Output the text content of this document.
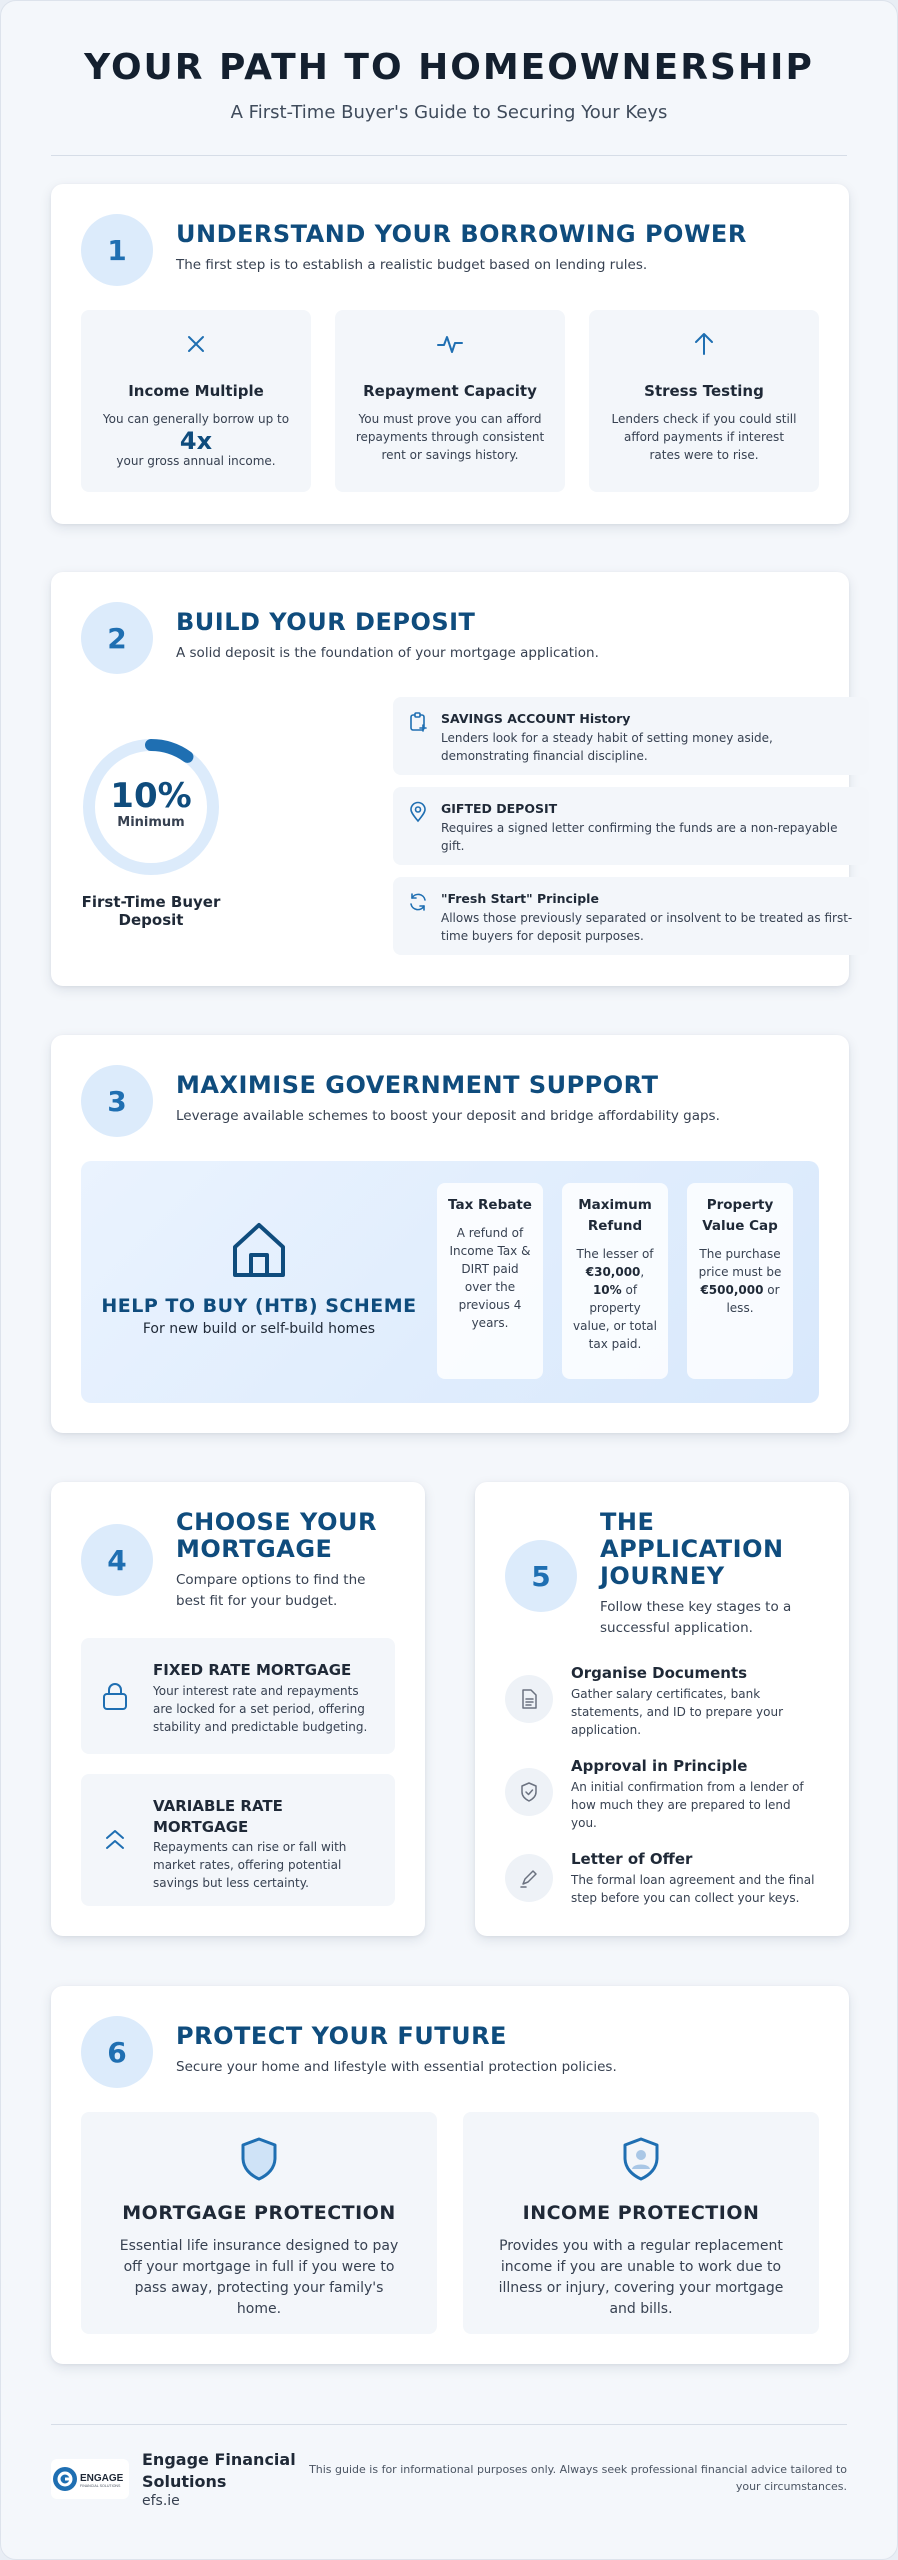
YOUR PATH TO HOMEOWNERSHIP
A First-Time Buyer's Guide to Securing Your Keys
1	UNDERSTAND YOUR BORROWING POWER
The first step is to establish a realistic budget based on lending rules.
Income Multiple
You can generally borrow up to
4x
your gross annual income.
Repayment Capacity
You must prove you can afford repayments through consistent rent or savings history.
Stress Testing
Lenders check if you could still afford payments if interest rates were to rise.
2	BUILD YOUR DEPOSIT
A solid deposit is the foundation of your mortgage application.
SAVINGS ACCOUNT History
Lenders look for a steady habit of setting money aside, demonstrating financial discipline.
GIFTED DEPOSIT
Requires a signed letter confirming the funds are a non-repayable gift.
"Fresh Start" Principle
Allows those previously separated or insolvent to be treated as first-time buyers for deposit purposes.
10%
Minimum
First-Time Buyer Deposit
3	MAXIMISE GOVERNMENT SUPPORT
Leverage available schemes to boost your deposit and bridge affordability gaps.
HELP TO BUY (HTB) SCHEME
For new build or self-build homes
Tax Rebate
A refund of Income Tax & DIRT paid over the previous 4 years.
Maximum Refund
The lesser of €30,000, 10% of property value, or total tax paid.
Property Value Cap
The purchase price must be €500,000 or less.
4
CHOOSE YOUR MORTGAGE
Compare options to find the best fit for your budget.
FIXED RATE MORTGAGE
Your interest rate and repayments are locked for a set period, offering stability and predictable budgeting.
VARIABLE RATE MORTGAGE
Repayments can rise or fall with market rates, offering potential savings but less certainty.
5
THE APPLICATION JOURNEY
Follow these key stages to a successful application.
Organise Documents
Gather salary certificates, bank statements, and ID to prepare your application.
Approval in Principle
An initial confirmation from a lender of how much they are prepared to lend you.
Letter of Offer
The formal loan agreement and the final step before you can collect your keys.
6	PROTECT YOUR FUTURE
Secure your home and lifestyle with essential protection policies.
MORTGAGE PROTECTION
Essential life insurance designed to pay off your mortgage in full if you were to pass away, protecting your family's home.
INCOME PROTECTION
Provides you with a regular replacement income if you are unable to work due to illness or injury, covering your mortgage and bills.
ENGAGE
FINANCIAL SOLUTIONS
Engage Financial Solutions
efs.ie
This guide is for informational purposes only. Always seek professional financial advice tailored to your circumstances.
